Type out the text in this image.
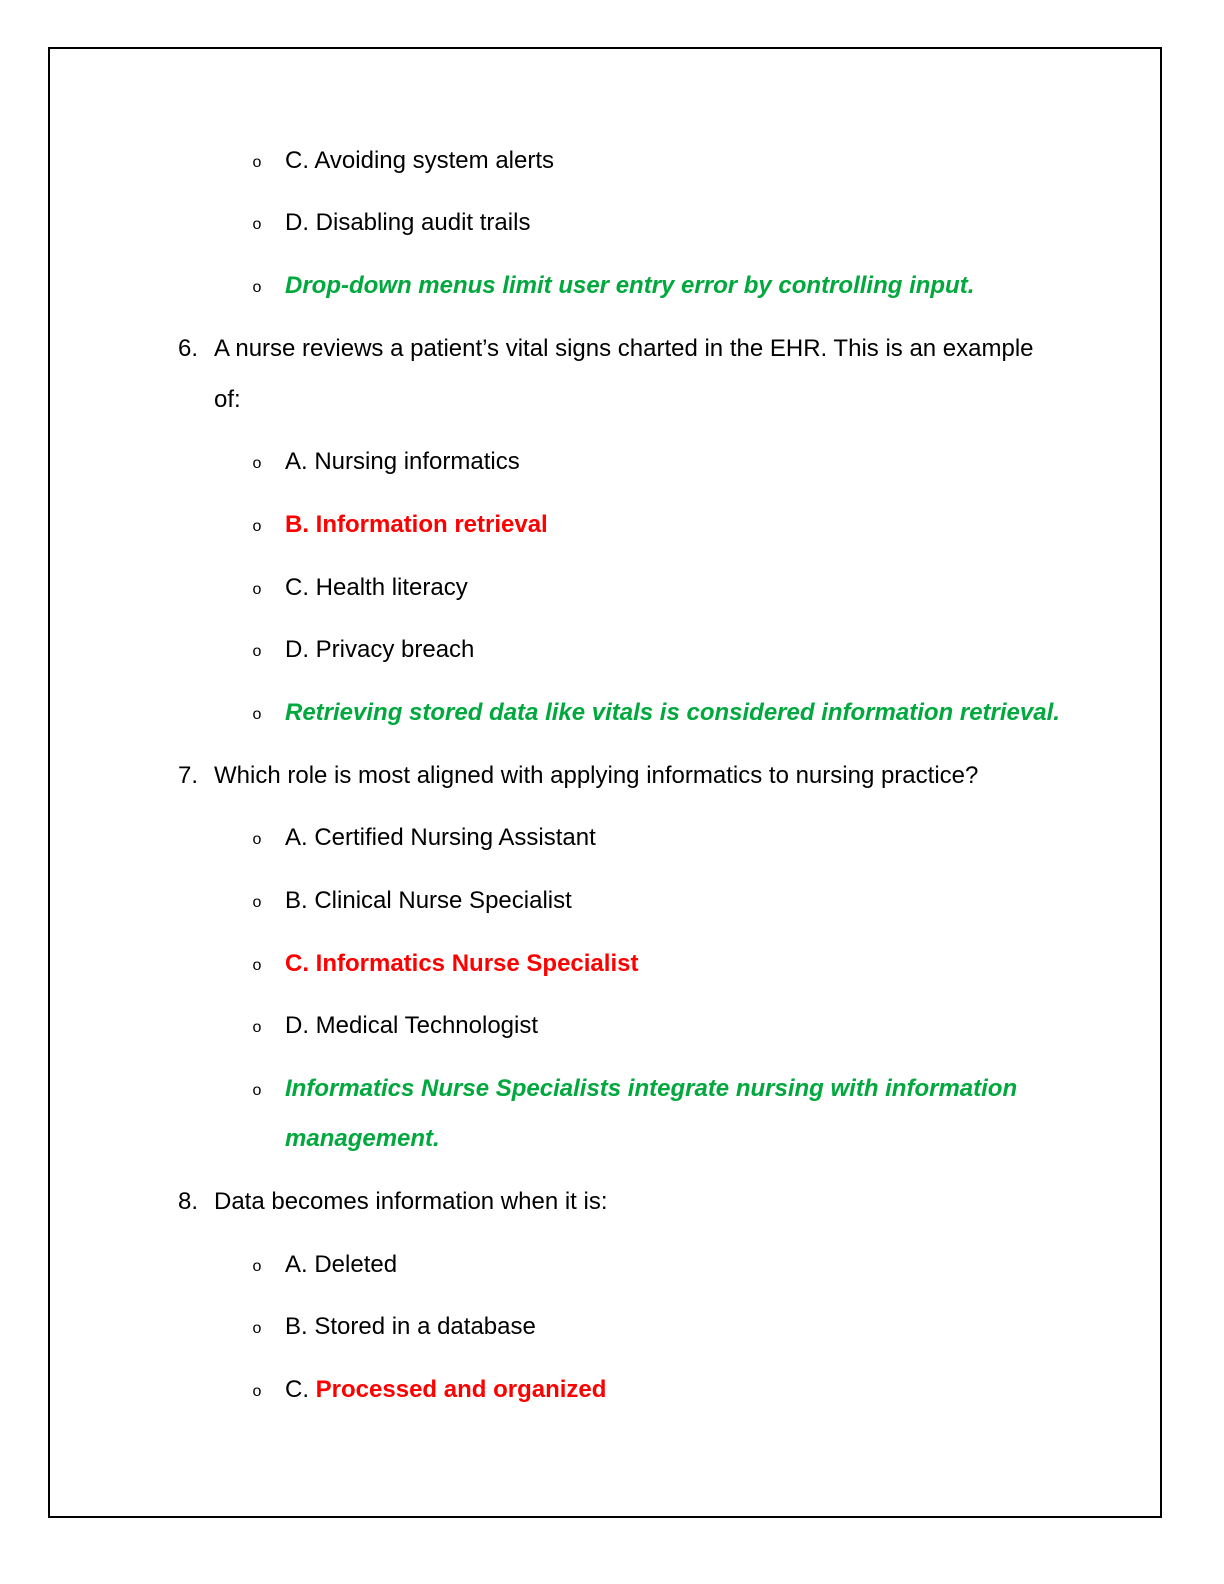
o C. Avoiding system alerts
o D. Disabling audit trails
o Drop-down menus limit user entry error by controlling input.
6. A nurse reviews a patient’s vital signs charted in the EHR. This is an example
of:
o A. Nursing informatics
o B. Information retrieval
o C. Health literacy
o D. Privacy breach
o Retrieving stored data like vitals is considered information retrieval.
7. Which role is most aligned with applying informatics to nursing practice?
o A. Certified Nursing Assistant
o B. Clinical Nurse Specialist
o C. Informatics Nurse Specialist
o D. Medical Technologist
o Informatics Nurse Specialists integrate nursing with information
management.
8. Data becomes information when it is:
o A. Deleted
o B. Stored in a database
o C. Processed and organized
